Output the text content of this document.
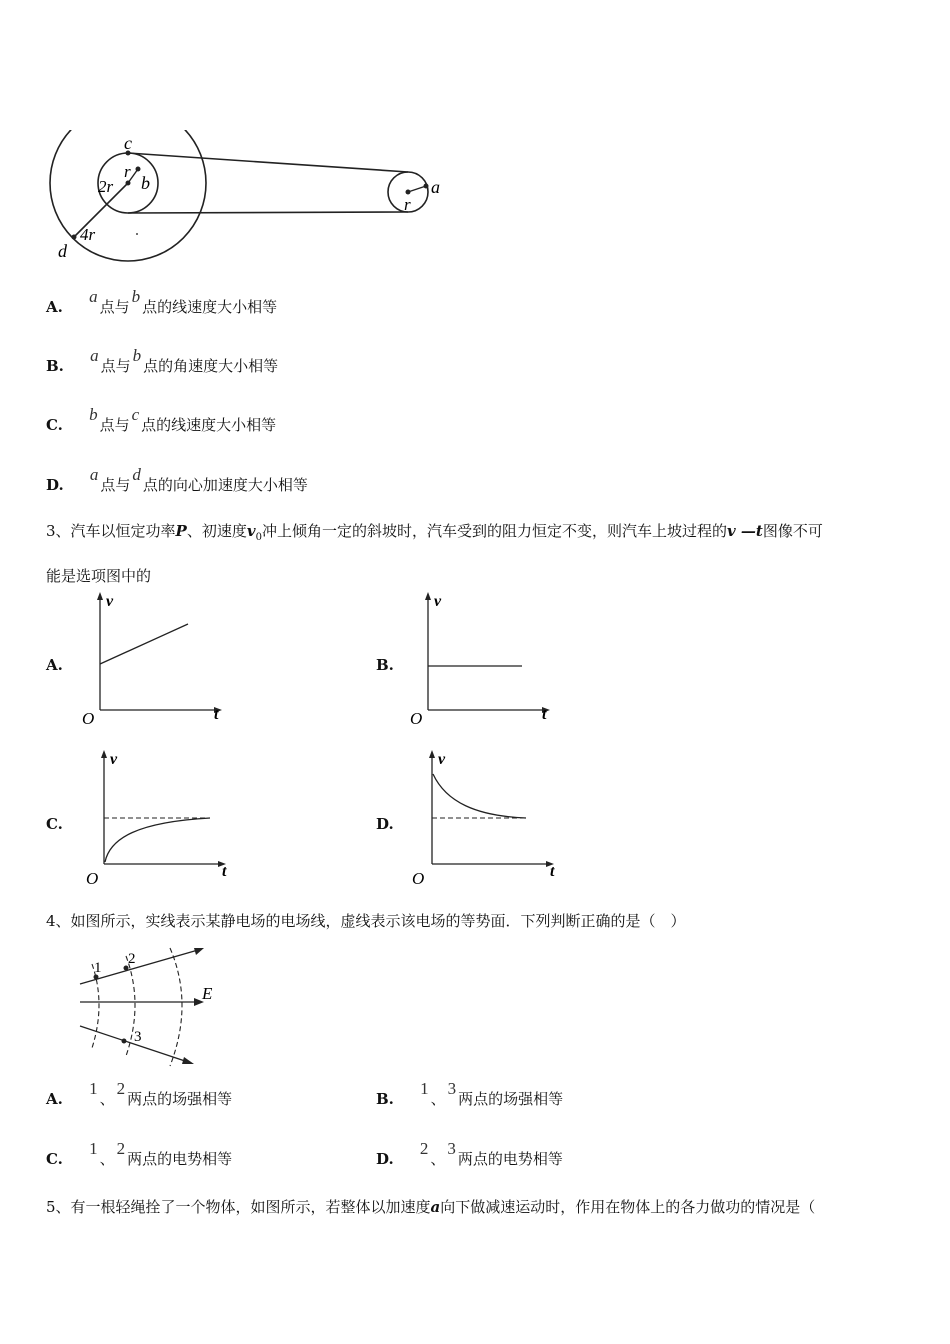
c
r
2r b
4r
d
a
r
A.  a点与b点的线速度大小相等
B.  a点与b点的角速度大小相等
C.  b点与c点的线速度大小相等
D.  a点与d点的向心加速度大小相等
3、汽车以恒定功率P、初速度$v_0$冲上倾角一定的斜坡时，汽车受到的阻力恒定不变，则汽车上坡过程的v —t图像不可
能是选项图中的
A.
v
t
O
B.
v
t
O
C.
v
t
O
D.
v
t
O
4、如图所示，实线表示某静电场的电场线，虚线表示该电场的等势面．下列判断正确的是（　）
1
2
3
E
A.  1、2两点的场强相等	B.  1、3两点的场强相等
C.  1、2两点的电势相等	D.  2、3两点的电势相等
5、有一根轻绳拴了一个物体，如图所示，若整体以加速度a向下做减速运动时，作用在物体上的各力做功的情况是（
